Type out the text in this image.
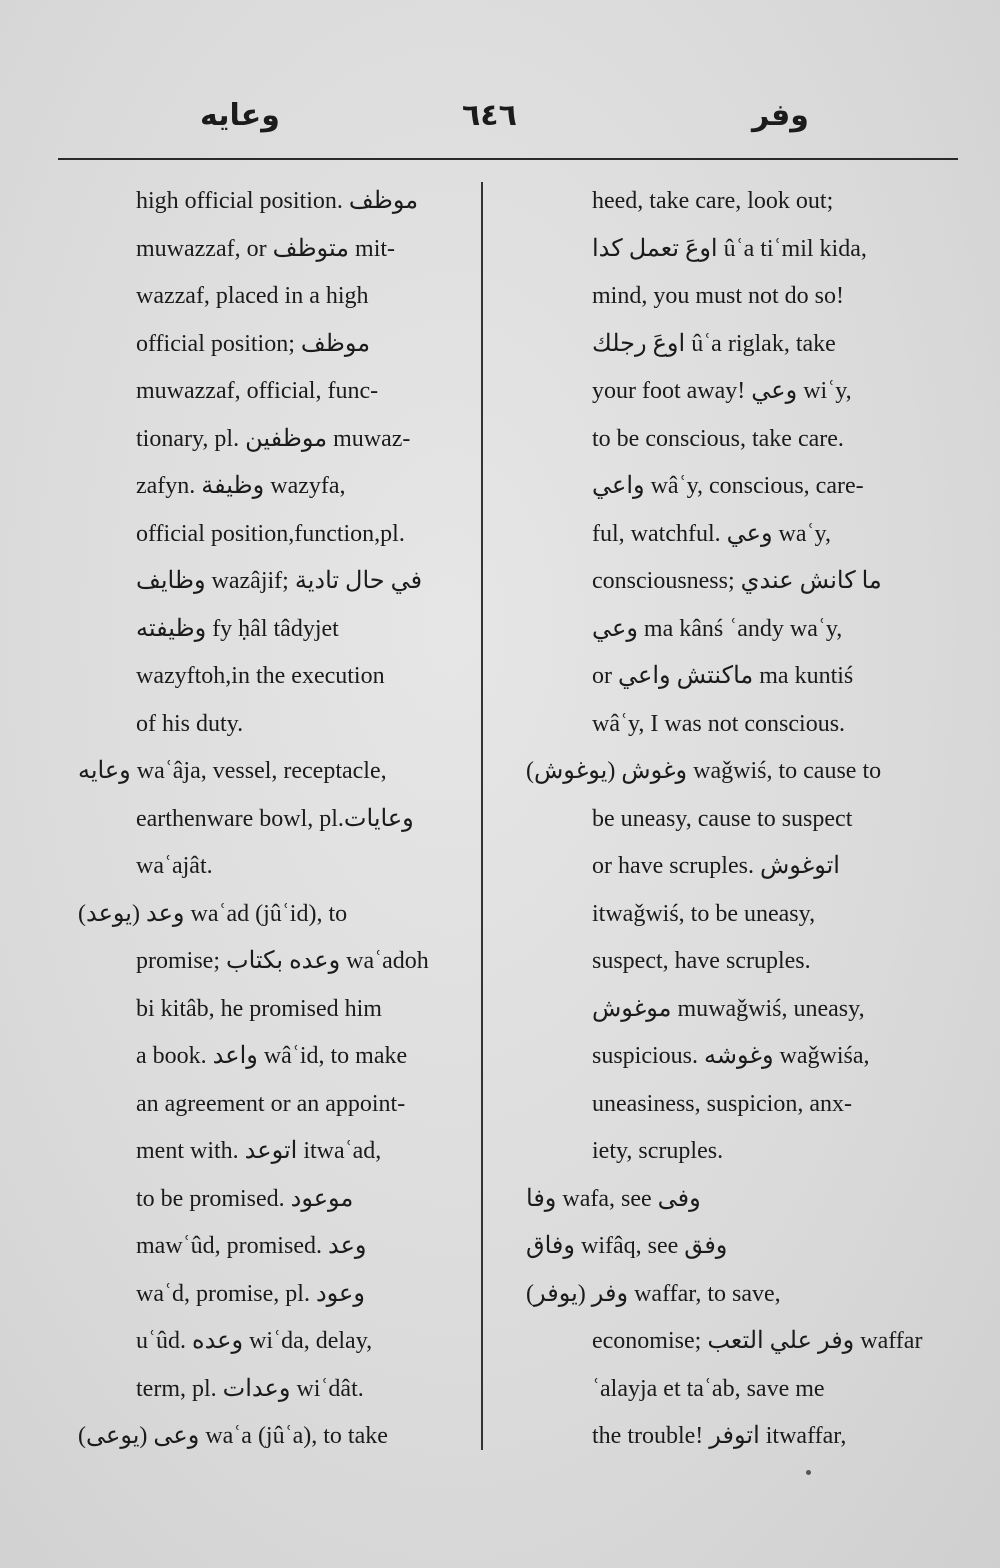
وعايه	٦٤٦	وفر
high official position. موظف
muwazzaf, or متوظف mit-
wazzaf, placed in a high
official position; موظف
muwazzaf, official, func-
tionary, pl. موظفين muwaz-
zafyn. وظيفة wazyfa,
official position,function,pl.
وظايف wazâjif; في حال تادية
وظيفته fy ḥâl tâdyjet
wazyftoh,in the execution
of his duty.
وعايه waʿâja, vessel, receptacle,
earthenware bowl, pl.وعايات
waʿajât.
وعد (يوعد) waʿad (jûʿid), to
promise; وعده بكتاب waʿadoh
bi kitâb, he promised him
a book. واعد wâʿid, to make
an agreement or an appoint-
ment with. اتوعد itwaʿad,
to be promised. موعود
mawʿûd, promised. وعد
waʿd, promise, pl. وعود
uʿûd. وعده wiʿda, delay,
term, pl. وعدات wiʿdât.
وعى (يوعى) waʿa (jûʿa), to take
heed, take care, look out;
اوعَ تعمل كدا ûʿa tiʿmil kida,
mind, you must not do so!
اوعَ رجلك ûʿa riglak, take
your foot away! وعي wiʿy,
to be conscious, take care.
واعي wâʿy, conscious, care-
ful, watchful. وعي waʿy,
consciousness; ما كانش عندي
وعي ma kânś ʿandy waʿy,
or ماكنتش واعي ma kuntiś
wâʿy, I was not conscious.
وغوش (يوغوش) waǧwiś, to cause to
be uneasy, cause to suspect
or have scruples. اتوغوش
itwaǧwiś, to be uneasy,
suspect, have scruples.
موغوش muwaǧwiś, uneasy,
suspicious. وغوشه waǧwiśa,
uneasiness, suspicion, anx-
iety, scruples.
وفا wafa, see وفى
وفاق wifâq, see وفق
وفر (يوفر) waffar, to save,
economise; وفر علي التعب waffar
ʿalayja et taʿab, save me
the trouble! اتوفر itwaffar,
